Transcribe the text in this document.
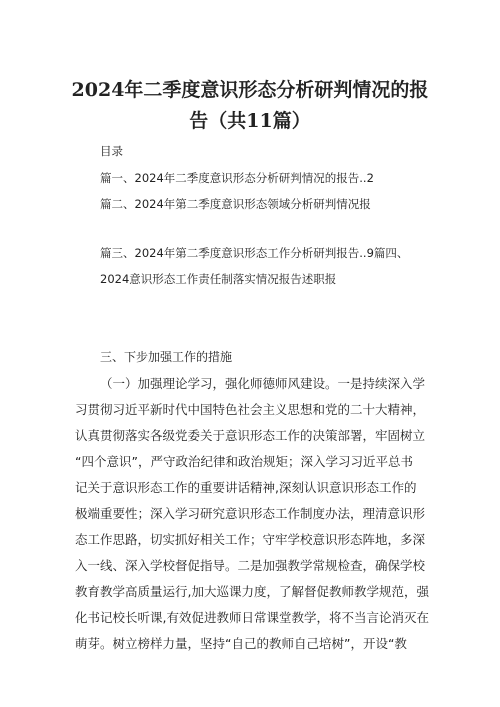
2024年二季度意识形态分析研判情况的报
告（共11篇）
目录
篇一、2024年二季度意识形态分析研判情况的报告..2
篇二、2024年第二季度意识形态领域分析研判情况报
篇三、2024年第二季度意识形态工作分析研判报告..9篇四、
2024意识形态工作责任制落实情况报告述职报
三、下步加强工作的措施
（一）加强理论学习，强化师德师风建设。一是持续深入学
习贯彻习近平新时代中国特色社会主义思想和党的二十大精神，
认真贯彻落实各级党委关于意识形态工作的决策部署，牢固树立
“四个意识”，严守政治纪律和政治规矩；深入学习习近平总书
记关于意识形态工作的重要讲话精神,深刻认识意识形态工作的
极端重要性；深入学习研究意识形态工作制度办法，理清意识形
态工作思路，切实抓好相关工作；守牢学校意识形态阵地，多深
入一线、深入学校督促指导。二是加强教学常规检查，确保学校
教育教学高质量运行,加大巡课力度，了解督促教师教学规范，强
化书记校长听课,有效促进教师日常课堂教学，将不当言论消灭在
萌芽。树立榜样力量，坚持“自己的教师自己培树”，开设“教
